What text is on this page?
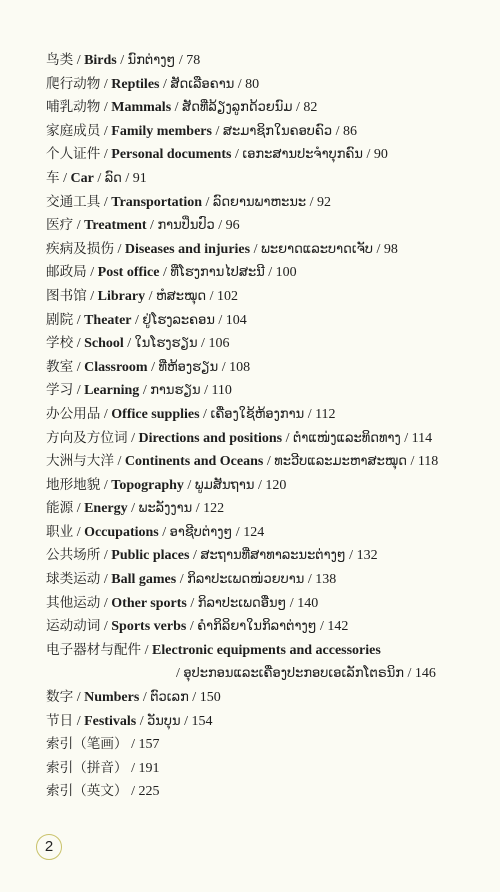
鸟类 / Birds / ນົກຕ່າງໆ / 78
爬行动物 / Reptiles / ສັດເລືອຄານ / 80
哺乳动物 / Mammals / ສັດທີ່ລ້ຽງລູກດ້ວຍນົມ / 82
家庭成员 / Family members / ສະມາຊິກໃນຄອບຄົວ / 86
个人证件 / Personal documents / ເອກະສານປະຈຳບຸກຄົນ / 90
车 / Car / ລົດ / 91
交通工具 / Transportation / ລົດຍານພາຫະນະ / 92
医疗 / Treatment / ການປິ່ນປົວ / 96
疾病及损伤 / Diseases and injuries / ພະຍາດແລະບາດເຈັບ / 98
邮政局 / Post office / ທີ່ໂຮງການໄປສະນີ / 100
图书馆 / Library / ຫໍສະໝຸດ / 102
剧院 / Theater / ຢູ່ໂຮງລະຄອນ / 104
学校 / School / ໃນໂຮງຮຽນ / 106
教室 / Classroom / ທີ່ຫ້ອງຮຽນ / 108
学习 / Learning / ການຮຽນ / 110
办公用品 / Office supplies / ເຄື່ອງໃຊ້ຫ້ອງການ / 112
方向及方位词 / Directions and positions / ຕຳແໜ່ງແລະທິດທາງ / 114
大洲与大洋 / Continents and Oceans / ທະວີບແລະມະຫາສະໝຸດ / 118
地形地貌 / Topography / ພູມສັນຖານ / 120
能源 / Energy / ພະລັງງານ / 122
职业 / Occupations / ອາຊີບຕ່າງໆ / 124
公共场所 / Public places / ສະຖານທີ່ສາທາລະນະຕ່າງໆ / 132
球类运动 / Ball games / ກິລາປະເພດໜ່ວຍບານ / 138
其他运动 / Other sports / ກິລາປະເພດອື່ນໆ / 140
运动动词 / Sports verbs / ຄຳກິລິຍາໃນກິລາຕ່າງໆ / 142
电子器材与配件 / Electronic equipments and accessories
/ ອຸປະກອນແລະເຄື່ອງປະກອບເອເລັກໂຕຣນິກ / 146
数字 / Numbers / ຕົວເລກ / 150
节日 / Festivals / ວັນບຸນ / 154
索引（笔画） / 157
索引（拼音） / 191
索引（英文） / 225
2
